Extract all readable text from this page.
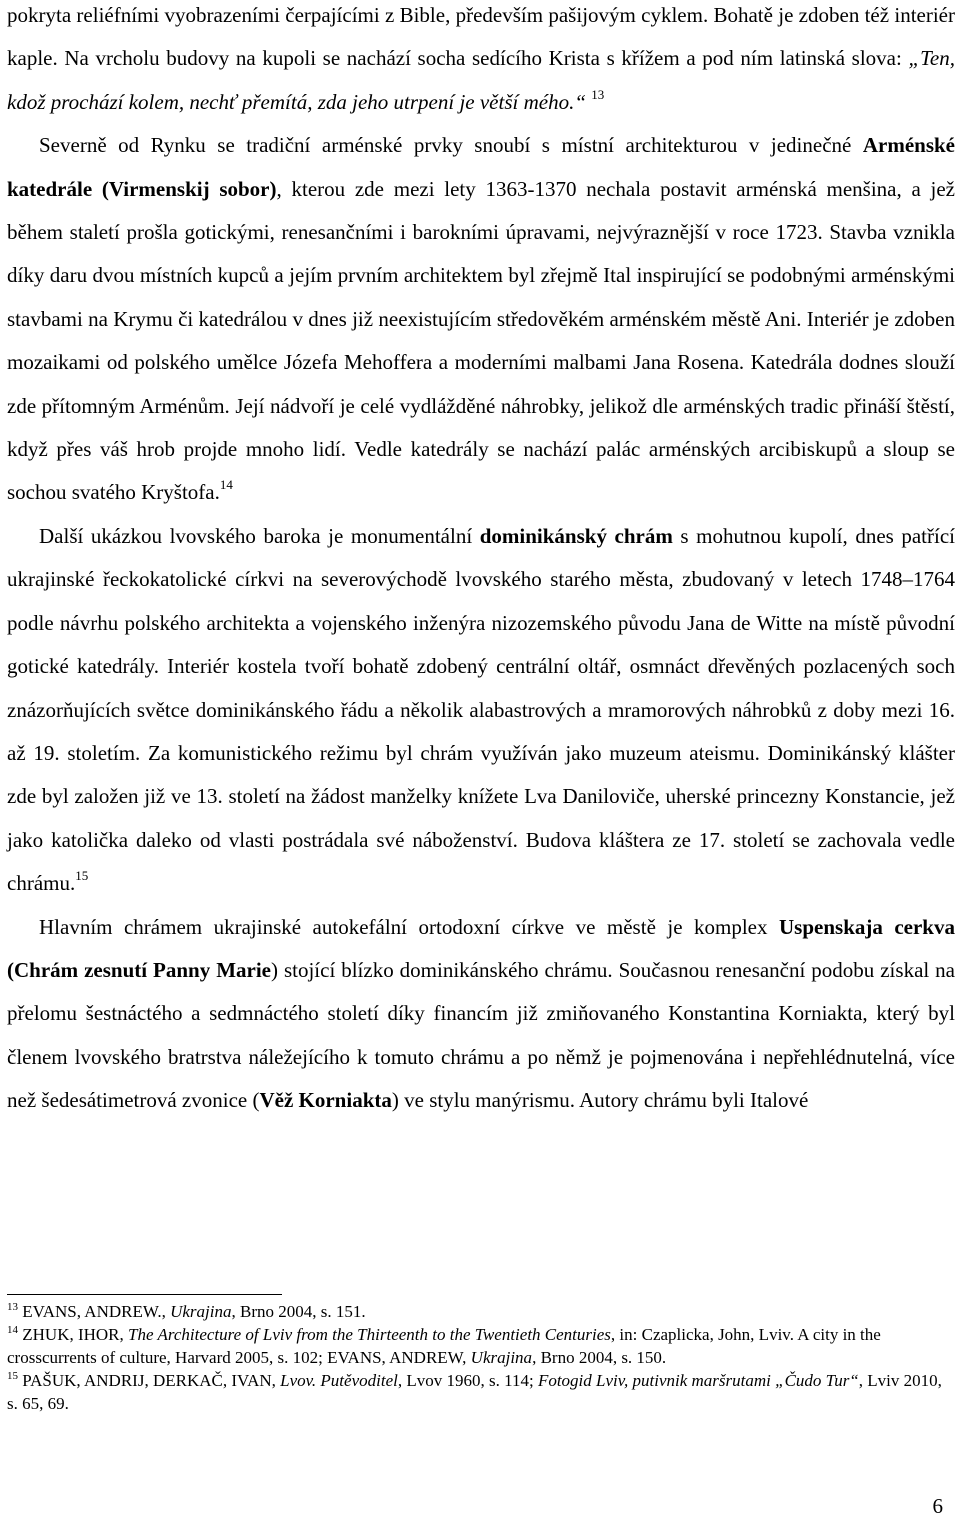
pokryta reliéfními vyobrazeními čerpajícími z Bible, především pašijovým cyklem. Bohatě je zdoben též interiér kaple. Na vrcholu budovy na kupoli se nachází socha sedícího Krista s křížem a pod ním latinská slova: „Ten, kdož prochází kolem, nechť přemítá, zda jeho utrpení je větší mého.“ $^{13}$

Severně od Rynku se tradiční arménské prvky snoubí s místní architekturou v jedinečné Arménské katedrále (Virmenskij sobor), kterou zde mezi lety 1363-1370 nechala postavit arménská menšina, a jež během staletí prošla gotickými, renesančními i barokními úpravami, nejvýraznější v roce 1723. Stavba vznikla díky daru dvou místních kupců a jejím prvním architektem byl zřejmě Ital inspirující se podobnými arménskými stavbami na Krymu či katedrálou v dnes již neexistujícím středověkém arménském městě Ani. Interiér je zdoben mozaikami od polského umělce Józefa Mehoffera a moderními malbami Jana Rosena. Katedrála dodnes slouží zde přítomným Arménům. Její nádvoří je celé vydlážděné náhrobky, jelikož dle arménských tradic přináší štěstí, když přes váš hrob projde mnoho lidí. Vedle katedrály se nachází palác arménských arcibiskupů a sloup se sochou svatého Kryštofa.$^{14}$

Další ukázkou lvovského baroka je monumentální dominikánský chrám s mohutnou kupolí, dnes patřící ukrajinské řeckokatolické církvi na severovýchodě lvovského starého města, zbudovaný v letech 1748–1764 podle návrhu polského architekta a vojenského inženýra nizozemského původu Jana de Witte na místě původní gotické katedrály. Interiér kostela tvoří bohatě zdobený centrální oltář, osmnáct dřevěných pozlacených soch znázorňujících světce dominikánského řádu a několik alabastrových a mramorových náhrobků z doby mezi 16. až 19. stoletím. Za komunistického režimu byl chrám využíván jako muzeum ateismu. Dominikánský klášter zde byl založen již ve 13. století na žádost manželky knížete Lva Daniloviče, uherské princezny Konstancie, jež jako katolička daleko od vlasti postrádala své náboženství. Budova kláštera ze 17. století se zachovala vedle chrámu.$^{15}$

Hlavním chrámem ukrajinské autokefální ortodoxní církve ve městě je komplex Uspenskaja cerkva (Chrám zesnutí Panny Marie) stojící blízko dominikánského chrámu. Současnou renesanční podobu získal na přelomu šestnáctého a sedmnáctého století díky financím již zmiňovaného Konstantina Korniakta, který byl členem lvovského bratrstva náležejícího k tomuto chrámu a po němž je pojmenována i nepřehlédnutelná, více než šedesátimetrová zvonice (Věž Korniakta) ve stylu manýrismu. Autory chrámu byli Italové

$^{13}$ EVANS, ANDREW., Ukrajina, Brno 2004, s. 151.

$^{14}$ ZHUK, IHOR, The Architecture of Lviv from the Thirteenth to the Twentieth Centuries, in: Czaplicka, John, Lviv. A city in the crosscurrents of culture, Harvard 2005, s. 102; EVANS, ANDREW, Ukrajina, Brno 2004, s. 150.

$^{15}$ PAŠUK, ANDRIJ, DERKAČ, IVAN, Lvov. Putěvoditel, Lvov 1960, s. 114; Fotogid Lviv, putivnik maršrutami „Čudo Tur“, Lviv 2010, s. 65, 69.

6
